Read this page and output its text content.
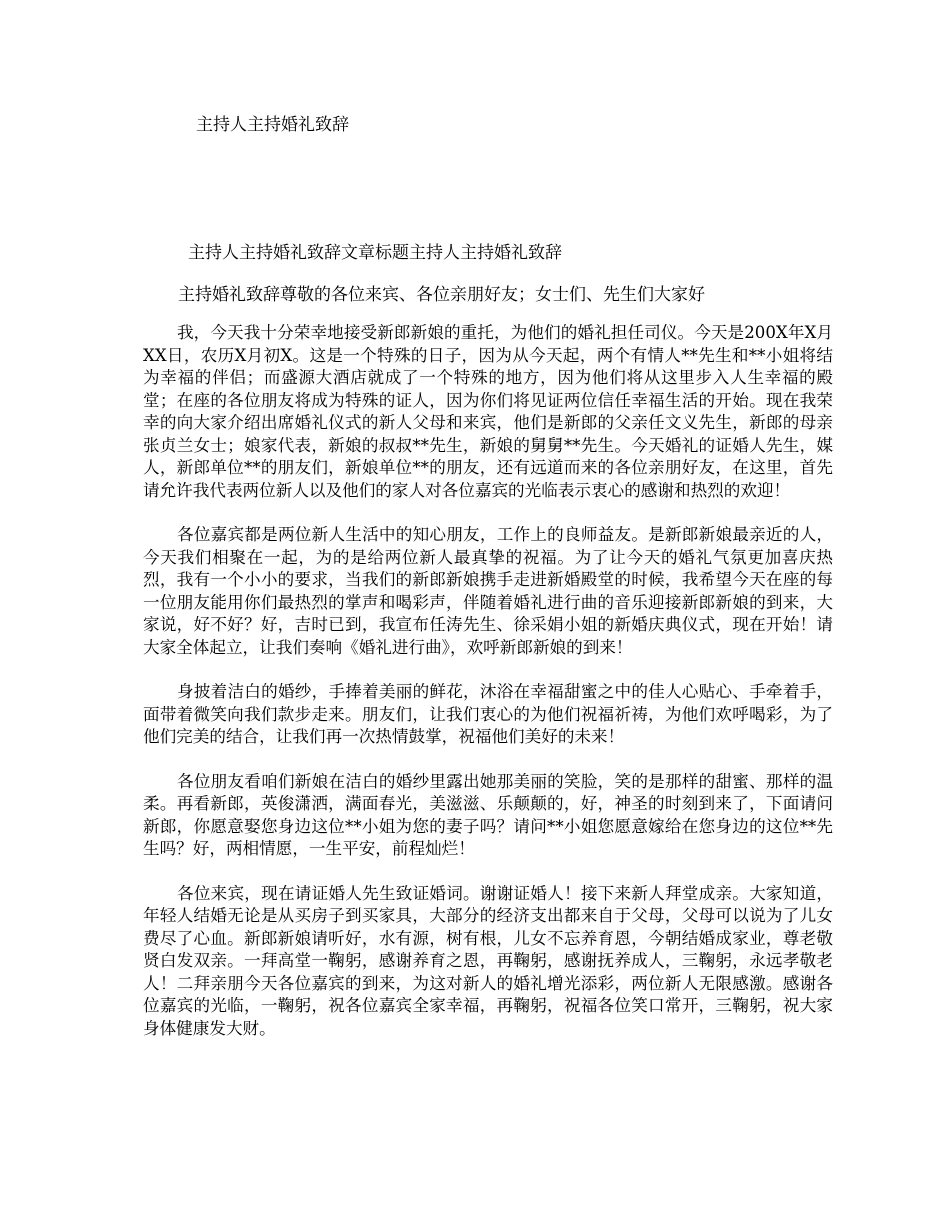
主持人主持婚礼致辞
主持人主持婚礼致辞文章标题主持人主持婚礼致辞
主持婚礼致辞尊敬的各位来宾、各位亲朋好友；女士们、先生们大家好

我，今天我十分荣幸地接受新郎新娘的重托，为他们的婚礼担任司仪。今天是200X年X月XX日，农历X月初X。这是一个特殊的日子，因为从今天起，两个有情人**先生和**小姐将结为幸福的伴侣；而盛源大酒店就成了一个特殊的地方，因为他们将从这里步入人生幸福的殿堂；在座的各位朋友将成为特殊的证人，因为你们将见证两位信任幸福生活的开始。现在我荣幸的向大家介绍出席婚礼仪式的新人父母和来宾，他们是新郎的父亲任文义先生，新郎的母亲张贞兰女士；娘家代表，新娘的叔叔**先生，新娘的舅舅**先生。今天婚礼的证婚人先生，媒人，新郎单位**的朋友们，新娘单位**的朋友，还有远道而来的各位亲朋好友，在这里，首先请允许我代表两位新人以及他们的家人对各位嘉宾的光临表示衷心的感谢和热烈的欢迎！

各位嘉宾都是两位新人生活中的知心朋友，工作上的良师益友。是新郎新娘最亲近的人，今天我们相聚在一起，为的是给两位新人最真挚的祝福。为了让今天的婚礼气氛更加喜庆热烈，我有一个小小的要求，当我们的新郎新娘携手走进新婚殿堂的时候，我希望今天在座的每一位朋友能用你们最热烈的掌声和喝彩声，伴随着婚礼进行曲的音乐迎接新郎新娘的到来，大家说，好不好？好，吉时已到，我宣布任涛先生、徐采娟小姐的新婚庆典仪式，现在开始！请大家全体起立，让我们奏响《婚礼进行曲》，欢呼新郎新娘的到来！

身披着洁白的婚纱，手捧着美丽的鲜花，沐浴在幸福甜蜜之中的佳人心贴心、手牵着手，面带着微笑向我们款步走来。朋友们，让我们衷心的为他们祝福祈祷，为他们欢呼喝彩，为了他们完美的结合，让我们再一次热情鼓掌，祝福他们美好的未来！

各位朋友看咱们新娘在洁白的婚纱里露出她那美丽的笑脸，笑的是那样的甜蜜、那样的温柔。再看新郎，英俊潇洒，满面春光，美滋滋、乐颠颠的，好，神圣的时刻到来了，下面请问新郎，你愿意娶您身边这位**小姐为您的妻子吗？请问**小姐您愿意嫁给在您身边的这位**先生吗？好，两相情愿，一生平安，前程灿烂！

各位来宾，现在请证婚人先生致证婚词。谢谢证婚人！接下来新人拜堂成亲。大家知道，年轻人结婚无论是从买房子到买家具，大部分的经济支出都来自于父母，父母可以说为了儿女费尽了心血。新郎新娘请听好，水有源，树有根，儿女不忘养育恩，今朝结婚成家业，尊老敬贤白发双亲。一拜高堂一鞠躬，感谢养育之恩，再鞠躬，感谢抚养成人，三鞠躬，永远孝敬老人！二拜亲朋今天各位嘉宾的到来，为这对新人的婚礼增光添彩，两位新人无限感激。感谢各位嘉宾的光临，一鞠躬，祝各位嘉宾全家幸福，再鞠躬，祝福各位笑口常开，三鞠躬，祝大家身体健康发大财。
